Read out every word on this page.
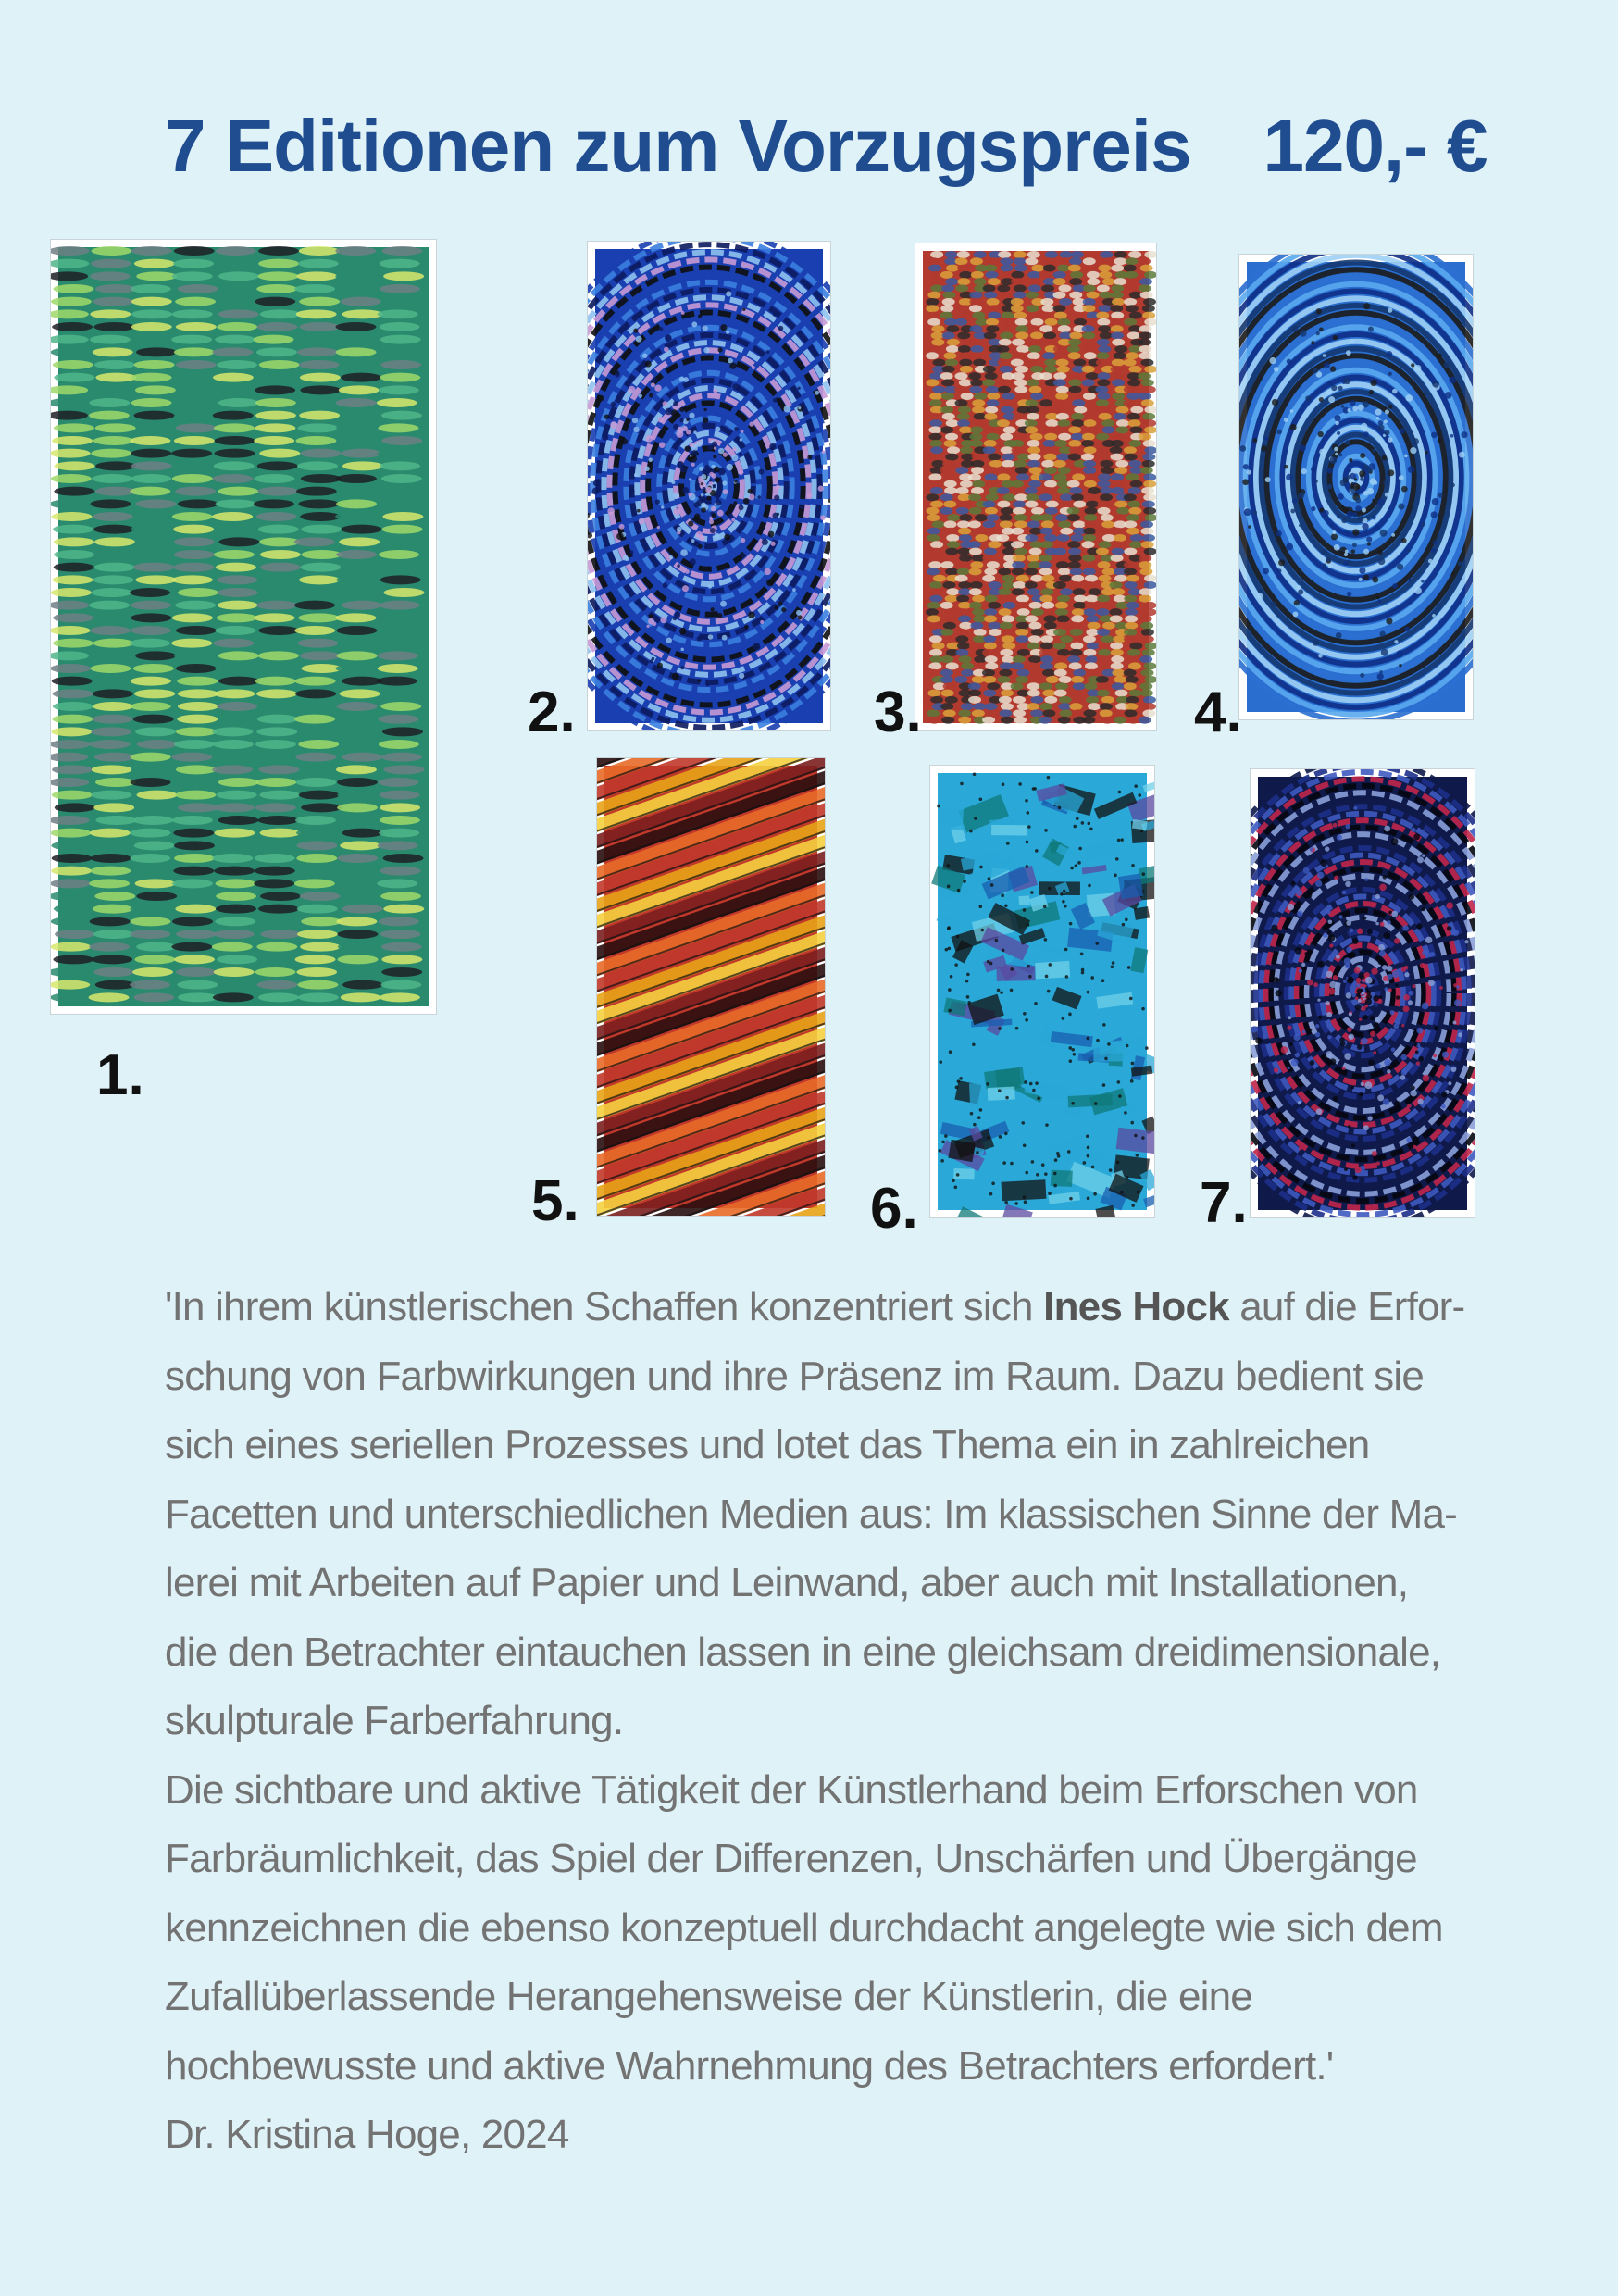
7 Editionen zum Vorzugspreis 120,- €
1.
2.	3.	4.
5.	6.	7.

'In ihrem künstlerischen Schaffen konzentriert sich Ines Hock auf die Erfor-

schung von Farbwirkungen und ihre Präsenz im Raum. Dazu bedient sie

sich eines seriellen Prozesses und lotet das Thema ein in zahlreichen

Facetten und unterschiedlichen Medien aus: Im klassischen Sinne der Ma-

lerei mit Arbeiten auf Papier und Leinwand, aber auch mit Installationen,

die den Betrachter eintauchen lassen in eine gleichsam dreidimensionale,

skulpturale Farberfahrung.

Die sichtbare und aktive Tätigkeit der Künstlerhand beim Erforschen von

Farbräumlichkeit, das Spiel der Differenzen, Unschärfen und Übergänge

kennzeichnen die ebenso konzeptuell durchdacht angelegte wie sich dem

Zufallüberlassende Herangehensweise der Künstlerin, die eine

hochbewusste und aktive Wahrnehmung des Betrachters erfordert.'

Dr. Kristina Hoge, 2024
